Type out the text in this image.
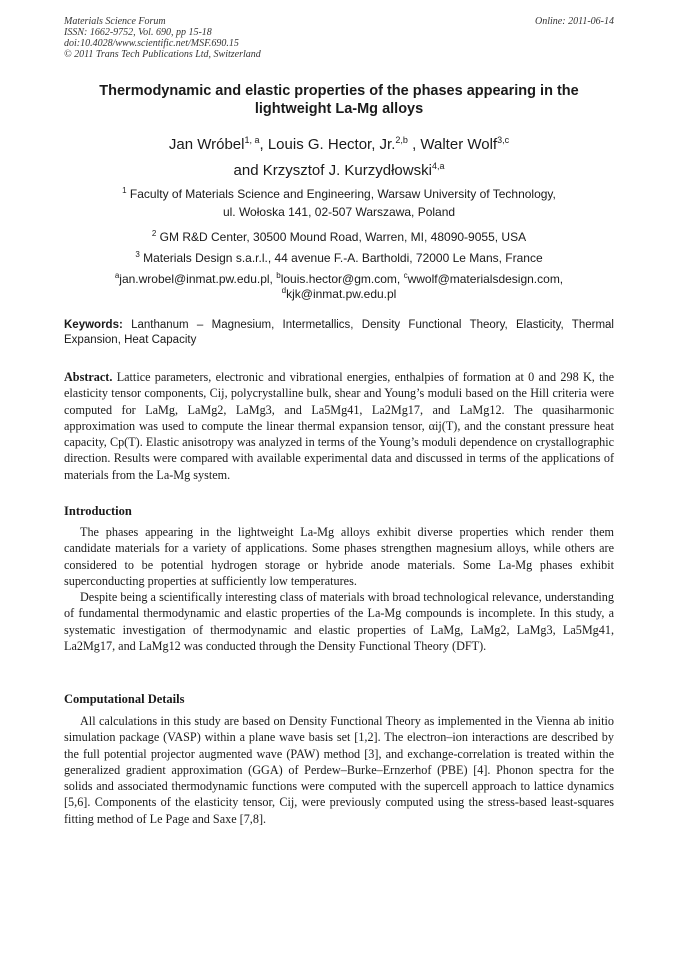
Materials Science Forum
ISSN: 1662-9752, Vol. 690, pp 15-18
doi:10.4028/www.scientific.net/MSF.690.15
© 2011 Trans Tech Publications Ltd, Switzerland
Online: 2011-06-14
Thermodynamic and elastic properties of the phases appearing in the
lightweight La-Mg alloys
Jan Wróbel$^{1, a}$, Louis G. Hector, Jr.$^{2,b}$ , Walter Wolf$^{3,c}$
and Krzysztof J. Kurzydłowski$^{4,a}$
$^1$ Faculty of Materials Science and Engineering, Warsaw University of Technology,
ul. Wołoska 141, 02-507 Warszawa, Poland
$^2$ GM R&D Center, 30500 Mound Road, Warren, MI, 48090-9055, USA
$^3$ Materials Design s.a.r.l., 44 avenue F.-A. Bartholdi, 72000 Le Mans, France
$^a$jan.wrobel@inmat.pw.edu.pl, $^b$louis.hector@gm.com, $^c$wwolf@materialsdesign.com,
$^d$kjk@inmat.pw.edu.pl
Keywords: Lanthanum – Magnesium, Intermetallics, Density Functional Theory, Elasticity, Thermal Expansion, Heat Capacity

Abstract. Lattice parameters, electronic and vibrational energies, enthalpies of formation at 0 and 298 K, the elasticity tensor components, Cij, polycrystalline bulk, shear and Young’s moduli based on the Hill criteria were computed for LaMg, LaMg2, LaMg3, and La5Mg41, La2Mg17, and LaMg12. The quasiharmonic approximation was used to compute the linear thermal expansion tensor, αij(T), and the constant pressure heat capacity, Cp(T). Elastic anisotropy was analyzed in terms of the Young’s moduli dependence on crystallographic direction. Results were compared with available experimental data and discussed in terms of the applications of materials from the La-Mg system.

Introduction

The phases appearing in the lightweight La-Mg alloys exhibit diverse properties which render them candidate materials for a variety of applications. Some phases strengthen magnesium alloys, while others are considered to be potential hydrogen storage or hybride anode materials. Some La-Mg phases exhibit superconducting properties at sufficiently low temperatures.

Despite being a scientifically interesting class of materials with broad technological relevance, understanding of fundamental thermodynamic and elastic properties of the La-Mg compounds is incomplete. In this study, a systematic investigation of thermodynamic and elastic properties of LaMg, LaMg2, LaMg3, La5Mg41, La2Mg17, and LaMg12 was conducted through the Density Functional Theory (DFT).

Computational Details

All calculations in this study are based on Density Functional Theory as implemented in the Vienna ab initio simulation package (VASP) within a plane wave basis set [1,2]. The electron–ion interactions are described by the full potential projector augmented wave (PAW) method [3], and exchange-correlation is treated within the generalized gradient approximation (GGA) of Perdew–Burke–Ernzerhof (PBE) [4]. Phonon spectra for the solids and associated thermodynamic functions were computed with the supercell approach to lattice dynamics [5,6]. Components of the elasticity tensor, Cij, were previously computed using the stress-based least-squares fitting method of Le Page and Saxe [7,8].
